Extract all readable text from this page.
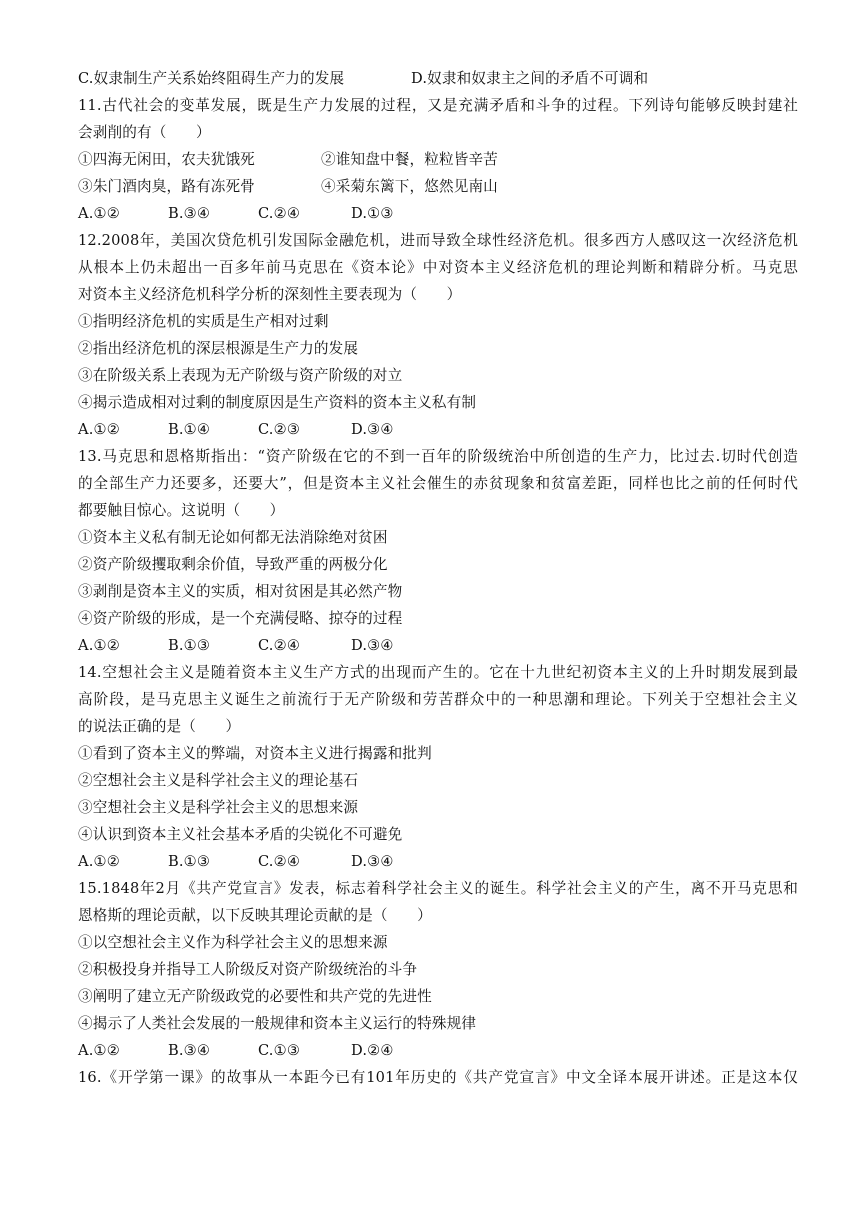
C.奴隶制生产关系始终阻碍生产力的发展	D.奴隶和奴隶主之间的矛盾不可调和
11.古代社会的变革发展，既是生产力发展的过程，又是充满矛盾和斗争的过程。下列诗句能够反映封建社
会剥削的有（　　）
①四海无闲田，农夫犹饿死	②谁知盘中餐，粒粒皆辛苦
③朱门酒肉臭，路有冻死骨	④采菊东篱下，悠然见南山
A.①②	B.③④	C.②④	D.①③
12.2008年，美国次贷危机引发国际金融危机，进而导致全球性经济危机。很多西方人感叹这一次经济危机
从根本上仍未超出一百多年前马克思在《资本论》中对资本主义经济危机的理论判断和精辟分析。马克思
对资本主义经济危机科学分析的深刻性主要表现为（　　）
①指明经济危机的实质是生产相对过剩
②指出经济危机的深层根源是生产力的发展
③在阶级关系上表现为无产阶级与资产阶级的对立
④揭示造成相对过剩的制度原因是生产资料的资本主义私有制
A.①②	B.①④	C.②③	D.③④
13.马克思和恩格斯指出：“资产阶级在它的不到一百年的阶级统治中所创造的生产力，比过去.切时代创造
的全部生产力还要多，还要大”，但是资本主义社会催生的赤贫现象和贫富差距，同样也比之前的任何时代
都要触目惊心。这说明（　　）
①资本主义私有制无论如何都无法消除绝对贫困
②资产阶级攫取剩余价值，导致严重的两极分化
③剥削是资本主义的实质，相对贫困是其必然产物
④资产阶级的形成，是一个充满侵略、掠夺的过程
A.①②	B.①③	C.②④	D.③④
14.空想社会主义是随着资本主义生产方式的出现而产生的。它在十九世纪初资本主义的上升时期发展到最
高阶段，是马克思主义诞生之前流行于无产阶级和劳苦群众中的一种思潮和理论。下列关于空想社会主义
的说法正确的是（　　）
①看到了资本主义的弊端，对资本主义进行揭露和批判
②空想社会主义是科学社会主义的理论基石
③空想社会主义是科学社会主义的思想来源
④认识到资本主义社会基本矛盾的尖锐化不可避免
A.①②	B.①③	C.②④	D.③④
15.1848年2月《共产党宣言》发表，标志着科学社会主义的诞生。科学社会主义的产生，离不开马克思和
恩格斯的理论贡献，以下反映其理论贡献的是（　　）
①以空想社会主义作为科学社会主义的思想来源
②积极投身并指导工人阶级反对资产阶级统治的斗争
③阐明了建立无产阶级政党的必要性和共产党的先进性
④揭示了人类社会发展的一般规律和资本主义运行的特殊规律
A.①②	B.③④	C.①③	D.②④
16.《开学第一课》的故事从一本距今已有101年历史的《共产党宣言》中文全译本展开讲述。正是这本仅
